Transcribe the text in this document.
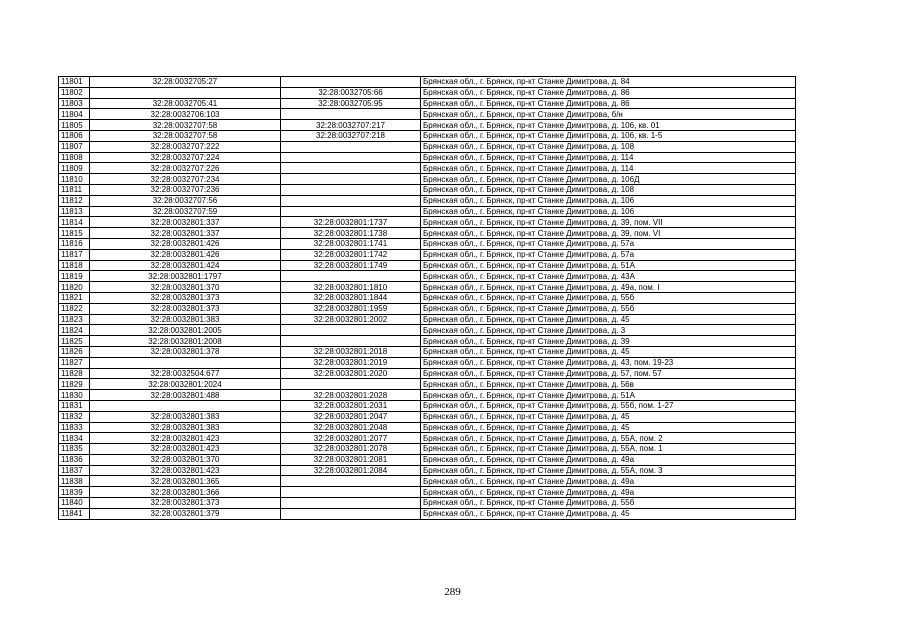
11801	32:28:0032705:27		Брянская обл., г. Брянск, пр-кт Станке Димитрова, д. 84
11802		32:28:0032705:66	Брянская обл., г. Брянск, пр-кт Станке Димитрова, д. 86
11803	32:28:0032705:41	32:28:0032705:95	Брянская обл., г. Брянск, пр-кт Станке Димитрова, д. 86
11804	32:28:0032706:103		Брянская обл., г. Брянск, пр-кт Станке Димитрова, б/н
11805	32:28:0032707:58	32:28:0032707:217	Брянская обл., г. Брянск, пр-кт Станке Димитрова, д. 106, кв. 01
11806	32:28:0032707:58	32:28:0032707:218	Брянская обл., г. Брянск, пр-кт Станке Димитрова, д. 106, кв. 1-5
11807	32:28:0032707:222		Брянская обл., г. Брянск, пр-кт Станке Димитрова, д. 108
11808	32:28:0032707:224		Брянская обл., г. Брянск, пр-кт Станке Димитрова, д. 114
11809	32:28:0032707:226		Брянская обл., г. Брянск, пр-кт Станке Димитрова, д. 114
11810	32:28:0032707:234		Брянская обл., г. Брянск, пр-кт Станке Димитрова, д. 106Д
11811	32:28:0032707:236		Брянская обл., г. Брянск, пр-кт Станке Димитрова, д. 108
11812	32:28:0032707:56		Брянская обл., г. Брянск, пр-кт Станке Димитрова, д. 106
11813	32:28:0032707:59		Брянская обл., г. Брянск, пр-кт Станке Димитрова, д. 106
11814	32:28:0032801:337	32:28:0032801:1737	Брянская обл., г. Брянск, пр-кт Станке Димитрова, д. 39, пом. VII
11815	32:28:0032801:337	32:28:0032801:1738	Брянская обл., г. Брянск, пр-кт Станке Димитрова, д. 39, пом. VI
11816	32:28:0032801:426	32:28:0032801:1741	Брянская обл., г. Брянск, пр-кт Станке Димитрова, д. 57а
11817	32:28:0032801:426	32:28:0032801:1742	Брянская обл., г. Брянск, пр-кт Станке Димитрова, д. 57а
11818	32:28:0032801:424	32:28:0032801:1749	Брянская обл., г. Брянск, пр-кт Станке Димитрова, д. 51А
11819	32:28:0032801:1797		Брянская обл., г. Брянск, пр-кт Станке Димитрова, д. 43А
11820	32:28:0032801:370	32:28:0032801:1810	Брянская обл., г. Брянск, пр-кт Станке Димитрова, д. 49а, пом. I
11821	32:28:0032801:373	32:28:0032801:1844	Брянская обл., г. Брянск, пр-кт Станке Димитрова, д. 55б
11822	32:28:0032801:373	32:28:0032801:1959	Брянская обл., г. Брянск, пр-кт Станке Димитрова, д. 55б
11823	32:28:0032801:383	32:28:0032801:2002	Брянская обл., г. Брянск, пр-кт Станке Димитрова, д. 45
11824	32:28:0032801:2005		Брянская обл., г. Брянск, пр-кт Станке Димитрова, д. 3
11825	32:28:0032801:2008		Брянская обл., г. Брянск, пр-кт Станке Димитрова, д. 39
11826	32:28:0032801:378	32:28:0032801:2018	Брянская обл., г. Брянск, пр-кт Станке Димитрова, д. 45
11827		32:28:0032801:2019	Брянская обл., г. Брянск, пр-кт Станке Димитрова, д. 43, пом. 19-23
11828	32:28:0032504:677	32:28:0032801:2020	Брянская обл., г. Брянск, пр-кт Станке Димитрова, д. 57, пом. 57
11829	32:28:0032801:2024		Брянская обл., г. Брянск, пр-кт Станке Димитрова, д. 56в
11830	32:28:0032801:488	32:28:0032801:2028	Брянская обл., г. Брянск, пр-кт Станке Димитрова, д. 51А
11831		32:28:0032801:2031	Брянская обл., г. Брянск, пр-кт Станке Димитрова, д. 55б, пом. 1-27
11832	32:28:0032801:383	32:28:0032801:2047	Брянская обл., г. Брянск, пр-кт Станке Димитрова, д. 45
11833	32:28:0032801:383	32:28:0032801:2048	Брянская обл., г. Брянск, пр-кт Станке Димитрова, д. 45
11834	32:28:0032801:423	32:28:0032801:2077	Брянская обл., г. Брянск, пр-кт Станке Димитрова, д. 55А, пом. 2
11835	32:28:0032801:423	32:28:0032801:2078	Брянская обл., г. Брянск, пр-кт Станке Димитрова, д. 55А, пом. 1
11836	32:28:0032801:370	32:28:0032801:2081	Брянская обл., г. Брянск, пр-кт Станке Димитрова, д. 49а
11837	32:28:0032801:423	32:28:0032801:2084	Брянская обл., г. Брянск, пр-кт Станке Димитрова, д. 55А, пом. 3
11838	32:28:0032801:365		Брянская обл., г. Брянск, пр-кт Станке Димитрова, д. 49а
11839	32:28:0032801:366		Брянская обл., г. Брянск, пр-кт Станке Димитрова, д. 49а
11840	32:28:0032801:373		Брянская обл., г. Брянск, пр-кт Станке Димитрова, д. 55б
11841	32:28:0032801:379		Брянская обл., г. Брянск, пр-кт Станке Димитрова, д. 45
289
